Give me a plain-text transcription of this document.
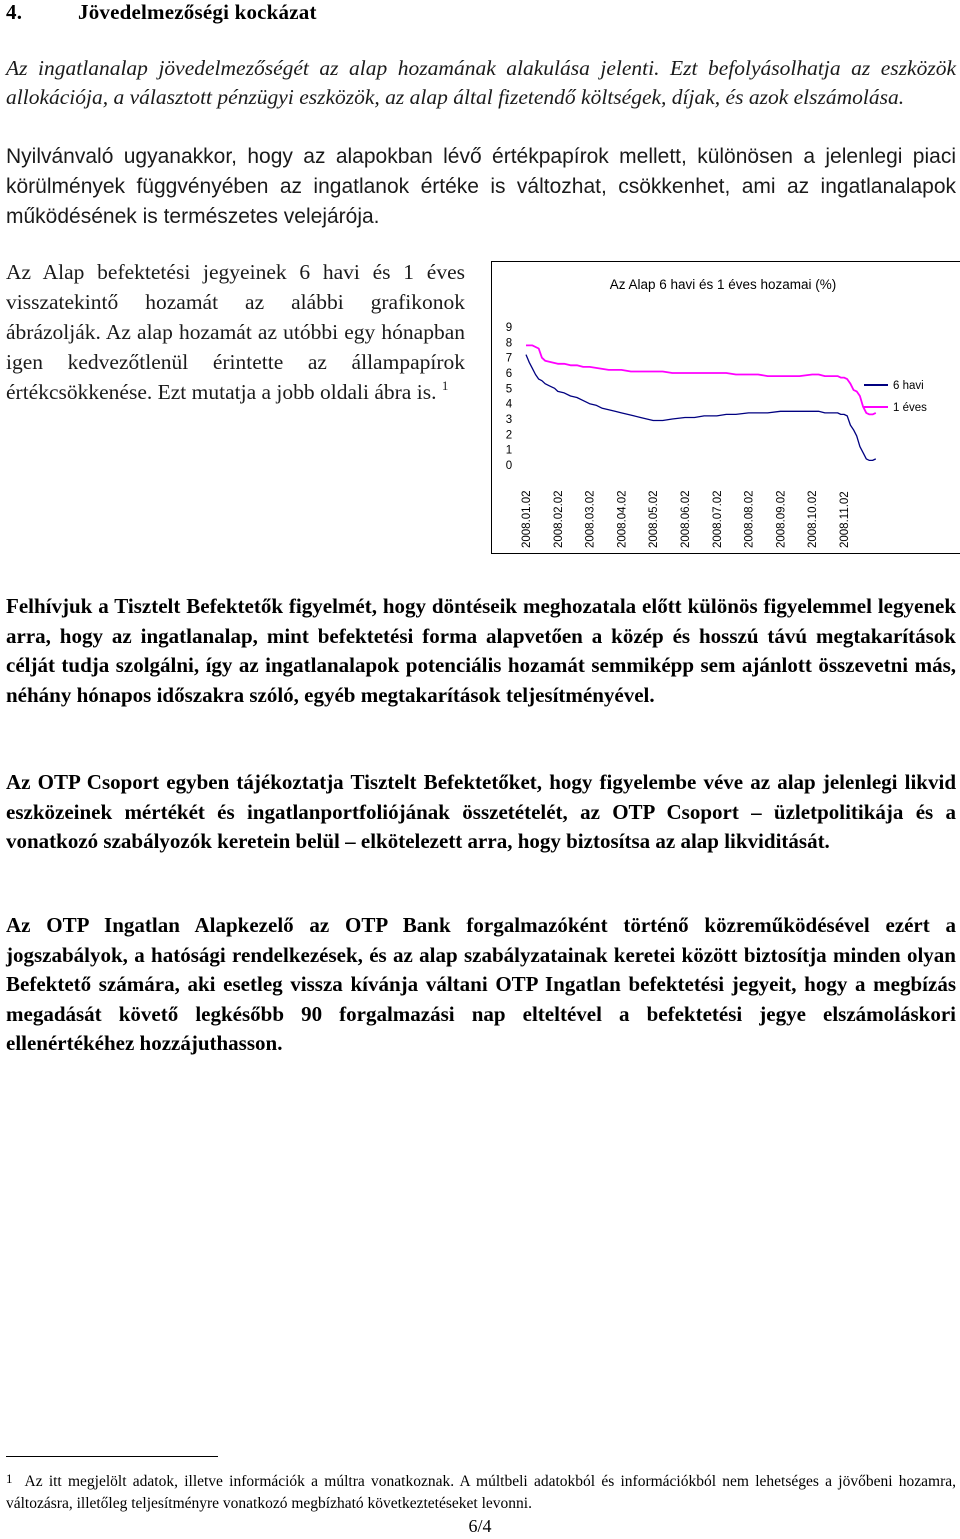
4.	Jövedelmezőségi kockázat
Az ingatlanalap jövedelmezőségét az alap hozamának alakulása jelenti. Ezt befolyásolhatja az eszközök allokációja, a választott pénzügyi eszközök, az alap által fizetendő költségek, díjak, és azok elszámolása.
Nyilvánvaló ugyanakkor, hogy az alapokban lévő értékpapírok mellett, különösen a jelenlegi piaci körülmények függvényében az ingatlanok értéke is változhat, csökkenhet, ami az ingatlanalapok működésének is természetes velejárója.
Az Alap befektetési jegyeinek 6 havi és 1 éves visszatekintő hozamát az alábbi grafikonok ábrázolják. Az alap hozamát az utóbbi egy hónapban igen kedvezőtlenül érintette az állampapírok értékcsökkenése. Ezt mutatja a jobb oldali ábra is. $^1$
Az Alap 6 havi és 1 éves hozamai (%)
0
1
2
3
4
5
6
7
8
9
2008.01.02 2008.02.02 2008.03.02 2008.04.02 2008.05.02 2008.06.02 2008.07.02 2008.08.02 2008.09.02 2008.10.02 2008.11.02
6 havi
1 éves
Felhívjuk a Tisztelt Befektetők figyelmét, hogy döntéseik meghozatala előtt különös figyelemmel legyenek arra, hogy az ingatlanalap, mint befektetési forma alapvetően a közép és hosszú távú megtakarítások célját tudja szolgálni, így az ingatlanalapok potenciális hozamát semmiképp sem ajánlott összevetni más, néhány hónapos időszakra szóló, egyéb megtakarítások teljesítményével.
Az OTP Csoport egyben tájékoztatja Tisztelt Befektetőket, hogy figyelembe véve az alap jelenlegi likvid eszközeinek mértékét és ingatlanportfoliójának összetételét, az OTP Csoport – üzletpolitikája és a vonatkozó szabályozók keretein belül – elkötelezett arra, hogy biztosítsa az alap likviditását.
Az OTP Ingatlan Alapkezelő az OTP Bank forgalmazóként történő közreműködésével ezért a jogszabályok, a hatósági rendelkezések, és az alap szabályzatainak keretei között biztosítja minden olyan Befektető számára, aki esetleg vissza kívánja váltani OTP Ingatlan befektetési jegyeit, hogy a megbízás megadását követő legkésőbb 90 forgalmazási nap elteltével a befektetési jegye elszámoláskori ellenértékéhez hozzájuthasson.
1 Az itt megjelölt adatok, illetve információk a múltra vonatkoznak. A múltbeli adatokból és információkból nem lehetséges a jövőbeni hozamra, változásra, illetőleg teljesítményre vonatkozó megbízható következtetéseket levonni.
6/4
